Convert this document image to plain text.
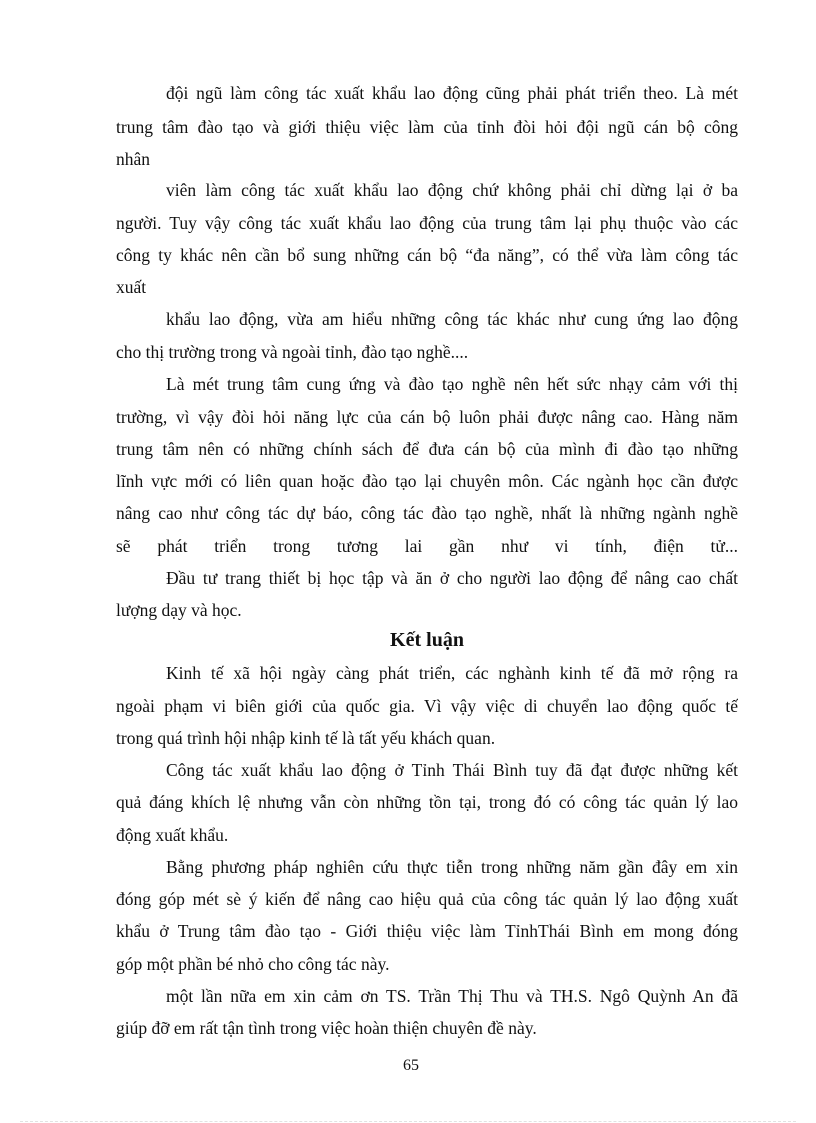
đội ngũ làm công tác xuất khẩu lao động cũng phải phát triển theo. Là mét
trung tâm đào tạo và giới thiệu việc làm của tỉnh đòi hỏi đội ngũ cán bộ công
nhân
viên làm công tác xuất khẩu lao động chứ không phải chỉ dừng lại ở ba
người. Tuy vậy công tác xuất khẩu lao động của trung tâm lại phụ thuộc vào các
công ty khác nên cần bổ sung những cán bộ “đa năng”, có thể vừa làm công tác
xuất
khẩu lao động, vừa am hiểu những công tác khác như cung ứng lao động
cho thị trường trong và ngoài tỉnh, đào tạo nghề....
Là mét trung tâm cung ứng và đào tạo nghề nên hết sức nhạy cảm với thị
trường, vì vậy đòi hỏi năng lực của cán bộ luôn phải được nâng cao. Hàng năm
trung tâm nên có những chính sách để đưa cán bộ của mình đi đào tạo những
lĩnh vực mới có liên quan hoặc đào tạo lại chuyên môn. Các ngành học cần được
nâng cao như công tác dự báo, công tác đào tạo nghề, nhất là những ngành nghề
sẽ phát triển trong tương lai gần như vi tính, điện tử...
Đầu tư trang thiết bị học tập và ăn ở cho người lao động để nâng cao chất
lượng dạy và học.
Kết luận
Kinh tế xã hội ngày càng phát triển, các nghành kinh tế đã mở rộng ra
ngoài phạm vi biên giới của quốc gia. Vì vậy việc di chuyển lao động quốc tế
trong quá trình hội nhập kinh tế là tất yếu khách quan.
Công tác xuất khẩu lao động ở Tỉnh Thái Bình tuy đã đạt được những kết
quả đáng khích lệ nhưng vẫn còn những tồn tại, trong đó có công tác quản lý lao
động xuất khẩu.
Bằng phương pháp nghiên cứu thực tiễn trong những năm gần đây em xin
đóng góp mét sè ý kiến để nâng cao hiệu quả của công tác quản lý lao động xuất
khẩu ở Trung tâm đào tạo - Giới thiệu việc làm TỉnhThái Bình em mong đóng
góp một phần bé nhỏ cho công tác này.
một lần nữa em xin cảm ơn TS. Trần Thị Thu và TH.S. Ngô Quỳnh An đã
giúp đỡ em rất tận tình trong việc hoàn thiện chuyên đề này.
65
